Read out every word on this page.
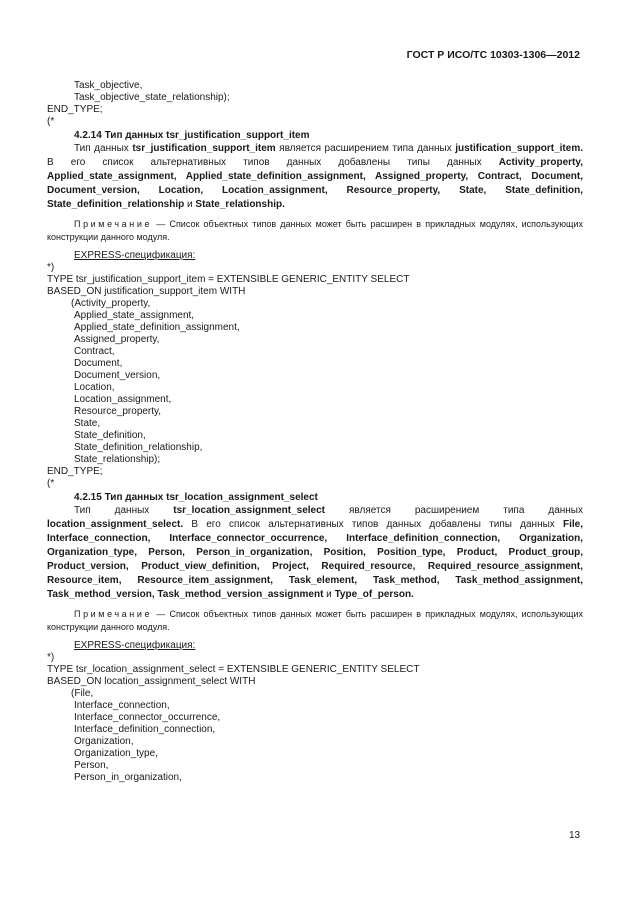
ГОСТ Р ИСО/ТС 10303-1306—2012
Task_objective,
Task_objective_state_relationship);
END_TYPE;
(*
4.2.14 Тип данных tsr_justification_support_item
Тип данных tsr_justification_support_item является расширением типа данных justification_support_item. В его список альтернативных типов данных добавлены типы данных Activity_property, Applied_state_assignment, Applied_state_definition_assignment, Assigned_property, Contract, Document, Document_version, Location, Location_assignment, Resource_property, State, State_definition, State_definition_relationship и State_relationship.
Примечание — Список объектных типов данных может быть расширен в прикладных модулях, использующих конструкции данного модуля.
EXPRESS-спецификация:
*)
TYPE tsr_justification_support_item = EXTENSIBLE GENERIC_ENTITY SELECT
BASED_ON justification_support_item WITH
(Activity_property,
Applied_state_assignment,
Applied_state_definition_assignment,
Assigned_property,
Contract,
Document,
Document_version,
Location,
Location_assignment,
Resource_property,
State,
State_definition,
State_definition_relationship,
State_relationship);
END_TYPE;
(*
4.2.15 Тип данных tsr_location_assignment_select
Тип данных tsr_location_assignment_select является расширением типа данных location_assignment_select. В его список альтернативных типов данных добавлены типы данных File, Interface_connection, Interface_connector_occurrence, Interface_definition_connection, Organization, Organization_type, Person, Person_in_organization, Position, Position_type, Product, Product_group, Product_version, Product_view_definition, Project, Required_resource, Required_resource_assignment, Resource_item, Resource_item_assignment, Task_element, Task_method, Task_method_assignment, Task_method_version, Task_method_version_assignment и Type_of_person.
Примечание — Список объектных типов данных может быть расширен в прикладных модулях, использующих конструкции данного модуля.
EXPRESS-спецификация:
*)
TYPE tsr_location_assignment_select = EXTENSIBLE GENERIC_ENTITY SELECT
BASED_ON location_assignment_select WITH
(File,
Interface_connection,
Interface_connector_occurrence,
Interface_definition_connection,
Organization,
Organization_type,
Person,
Person_in_organization,
13
